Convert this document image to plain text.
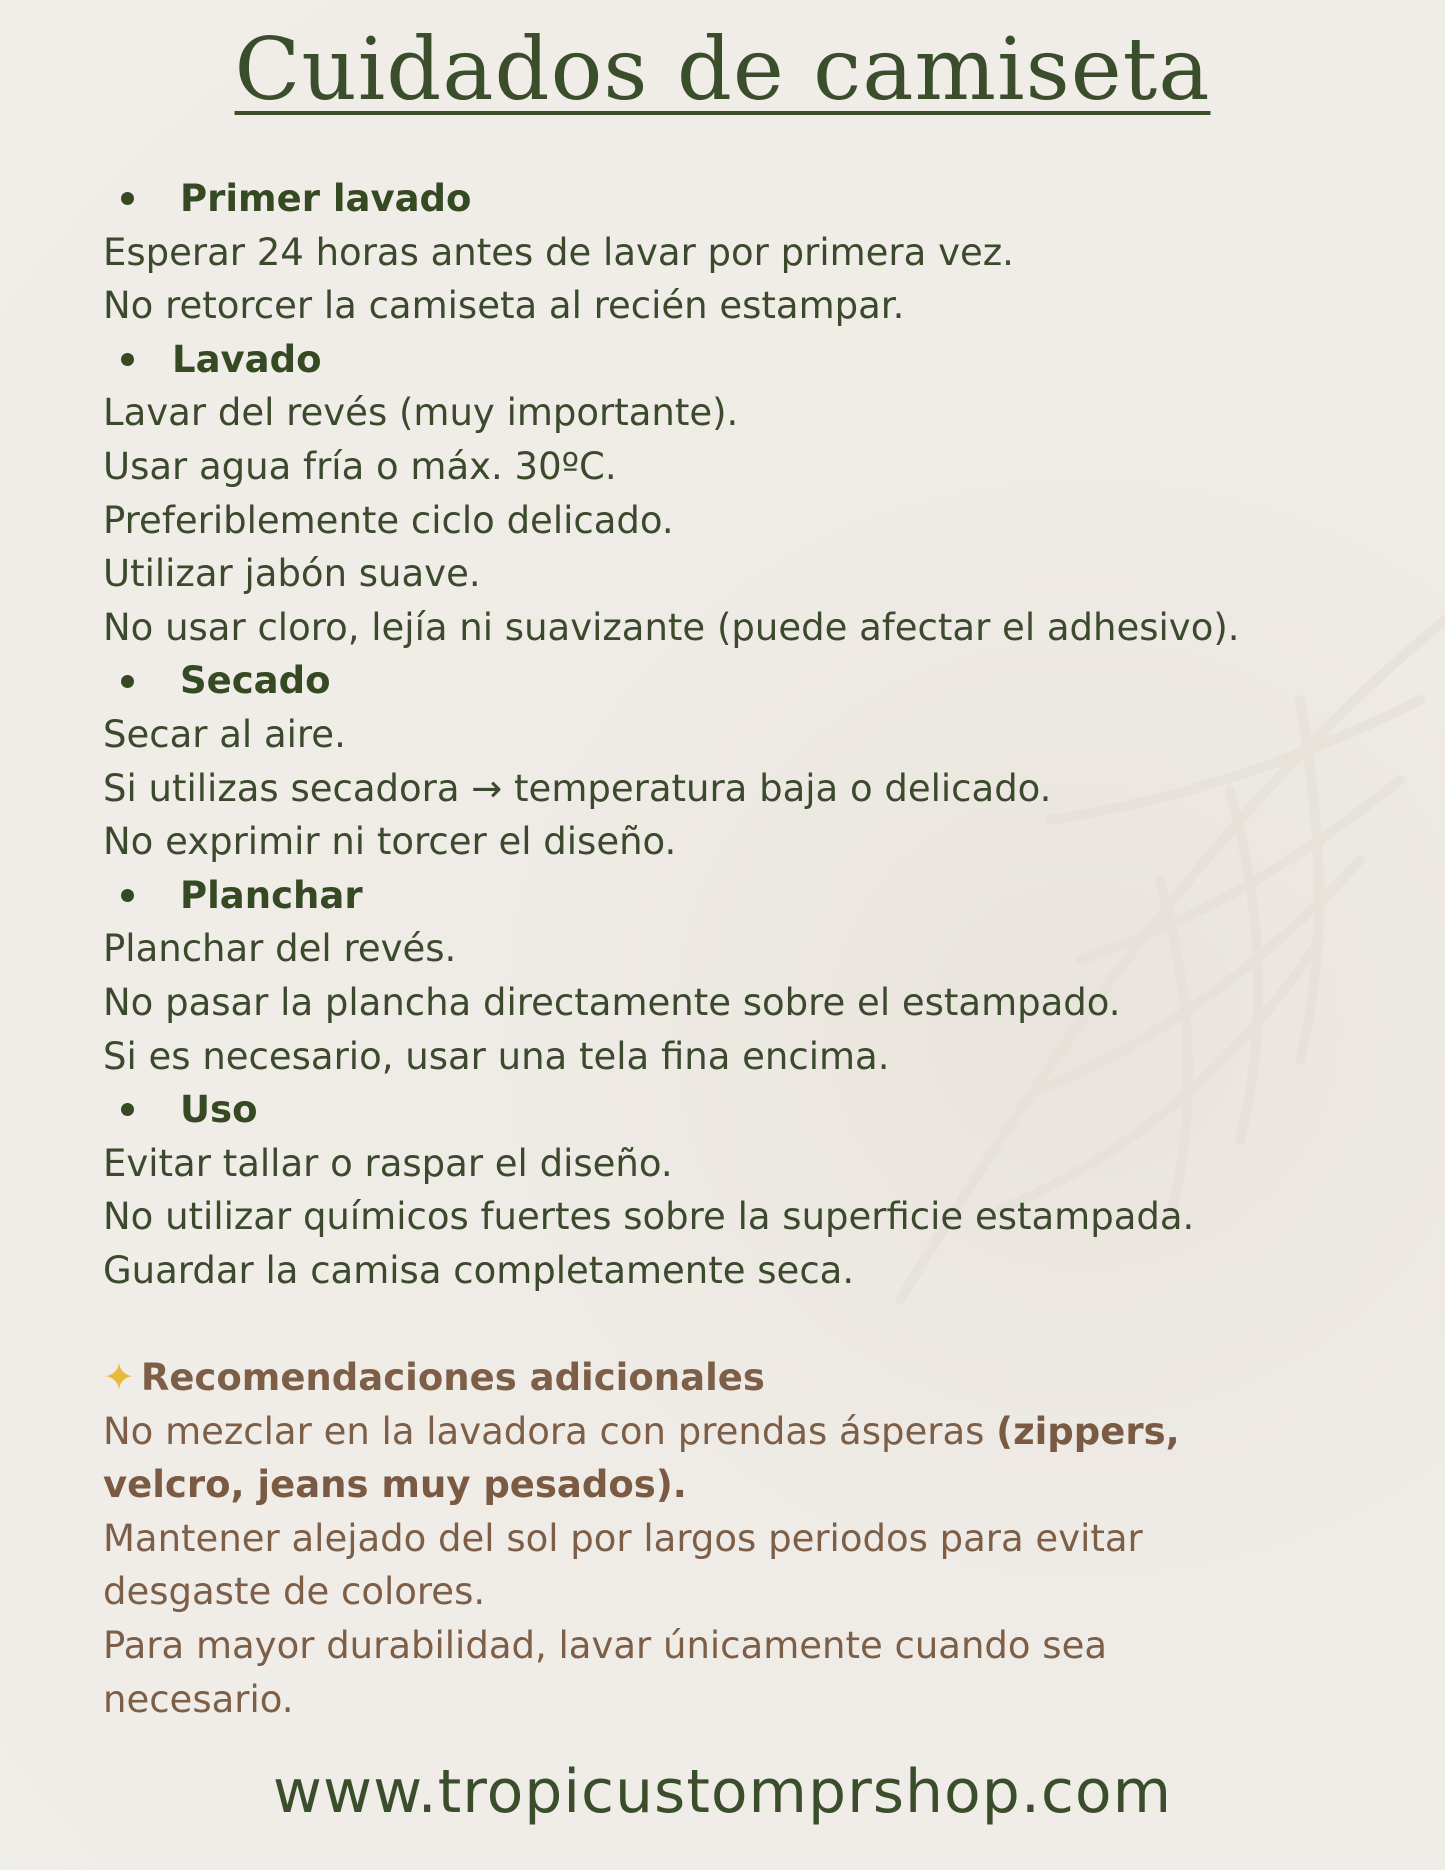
Cuidados de camiseta
Primer lavado
Esperar 24 horas antes de lavar por primera vez.
No retorcer la camiseta al recién estampar.
Lavado
Lavar del revés (muy importante).
Usar agua fría o máx. 30ºC.
Preferiblemente ciclo delicado.
Utilizar jabón suave.
No usar cloro, lejía ni suavizante (puede afectar el adhesivo).
Secado
Secar al aire.
Si utilizas secadora → temperatura baja o delicado.
No exprimir ni torcer el diseño.
Planchar
Planchar del revés.
No pasar la plancha directamente sobre el estampado.
Si es necesario, usar una tela fina encima.
Uso
Evitar tallar o raspar el diseño.
No utilizar químicos fuertes sobre la superficie estampada.
Guardar la camisa completamente seca.
✦ Recomendaciones adicionales
No mezclar en la lavadora con prendas ásperas (zippers,
velcro, jeans muy pesados).
Mantener alejado del sol por largos periodos para evitar
desgaste de colores.
Para mayor durabilidad, lavar únicamente cuando sea
necesario.
www.tropicustomprshop.com
